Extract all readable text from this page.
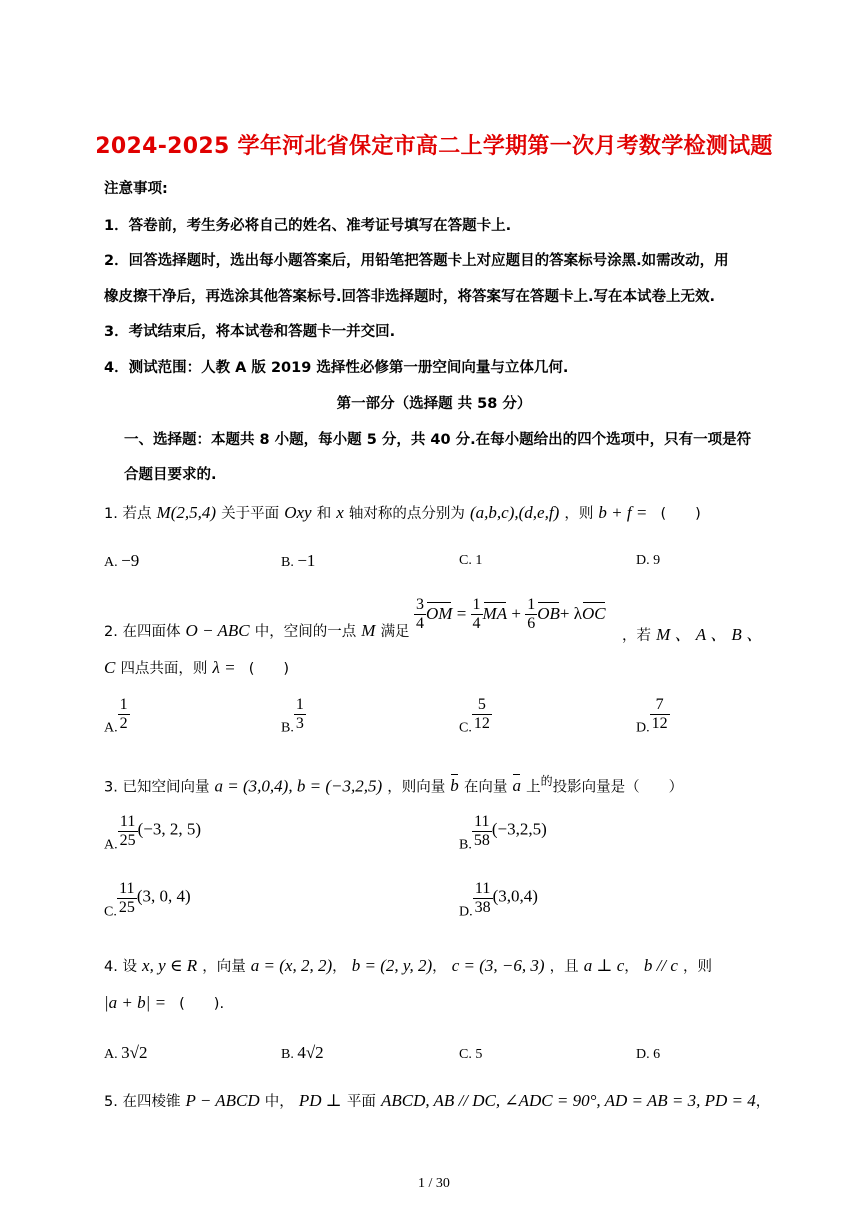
2024-2025 学年河北省保定市高二上学期第一次月考数学检测试题
注意事项:
1．答卷前，考生务必将自己的姓名、准考证号填写在答题卡上.
2．回答选择题时，选出每小题答案后，用铅笔把答题卡上对应题目的答案标号涂黑.如需改动，用
橡皮擦干净后，再选涂其他答案标号.回答非选择题时，将答案写在答题卡上.写在本试卷上无效.
3．考试结束后，将本试卷和答题卡一并交回.
4．测试范围：人教 A 版 2019 选择性必修第一册空间向量与立体几何.
第一部分（选择题 共 58 分）
一、选择题：本题共 8 小题，每小题 5 分，共 40 分.在每小题给出的四个选项中，只有一项是符
合题目要求的.
1. 若点 M(2,5,4) 关于平面 Oxy 和 x 轴对称的点分别为 (a,b,c),(d,e,f) ，则 b + f = (　　)
A. −9	B. −1	C. 1	D. 9
2. 在四面体 O − ABC 中，空间的一点 M 满足 $\frac{3}{4}$ OM = $\frac{1}{4}$ MA + $\frac{1}{6} OB+ \lambda OC$
，若 M 、 A 、 B 、
C 四点共面，则 λ = (　　)
A. $\frac{1}{2}$	B. $\frac{1}{3}$	C. $\frac{5}{12}$	D. $\frac{7}{12}$
3. 已知空间向量 a = (3,0,4), b = (−3,2,5) ，则向量 b 在向量 a 上$^的$投影向量是（　　）
A. $\frac{11}{25} (-3$, 2, 5)
B. $\frac{11}{58} (-3,2,5)$
C. $\frac{11}{25} (3$, 0, 4)
D. $\frac{11}{38} (3,0,4)$
4. 设 x, y ∈ R ，向量 a = (x, 2, 2)， b = (2, y, 2)， c = (3, −6, 3) ，且 a ⊥ c， b // c ，则
|a + b| = (　　).
A. 3√2	B. 4√2	C. 5	D. 6
5. 在四棱锥 P − ABCD 中， PD ⊥ 平面 ABCD, AB // DC, ∠ADC = 90°, AD = AB = 3, PD = 4，
1 / 30
